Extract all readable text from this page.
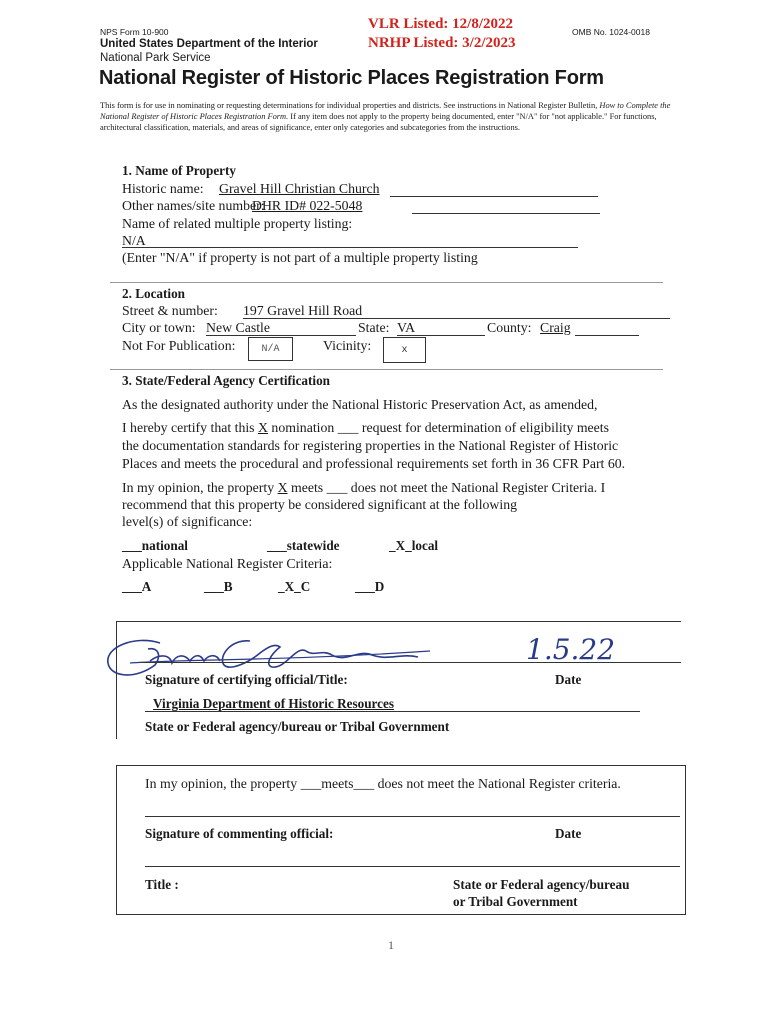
NPS Form 10-900
United States Department of the Interior
National Park Service
VLR Listed: 12/8/2022
NRHP Listed: 3/2/2023
OMB No. 1024-0018
National Register of Historic Places Registration Form
This form is for use in nominating or requesting determinations for individual properties and districts. See instructions in National Register Bulletin, How to Complete the National Register of Historic Places Registration Form. If any item does not apply to the property being documented, enter "N/A" for "not applicable." For functions, architectural classification, materials, and areas of significance, enter only categories and subcategories from the instructions.
1. Name of Property
Historic name: Gravel Hill Christian Church
Other names/site number:
DHR ID# 022-5048
Name of related multiple property listing:
N/A
(Enter "N/A" if property is not part of a multiple property listing
2. Location
Street & number: 197 Gravel Hill Road
City or town: New Castle	State: VA	County: Craig
Not For Publication:	N/A	Vicinity:	x
3. State/Federal Agency Certification
As the designated authority under the National Historic Preservation Act, as amended,
I hereby certify that this X nomination ___ request for determination of eligibility meets
the documentation standards for registering properties in the National Register of Historic
Places and meets the procedural and professional requirements set forth in 36 CFR Part 60.
In my opinion, the property X meets ___ does not meet the National Register Criteria. I
recommend that this property be considered significant at the following
level(s) of significance:
___national	___statewide	_X_local
Applicable National Register Criteria:
___A	___B	_X_C	___D
1.5.22
Signature of certifying official/Title:	Date
Virginia Department of Historic Resources
State or Federal agency/bureau or Tribal Government
In my opinion, the property ___meets___ does not meet the National Register criteria.
Signature of commenting official:	Date
Title :	State or Federal agency/bureau
or Tribal Government
1
